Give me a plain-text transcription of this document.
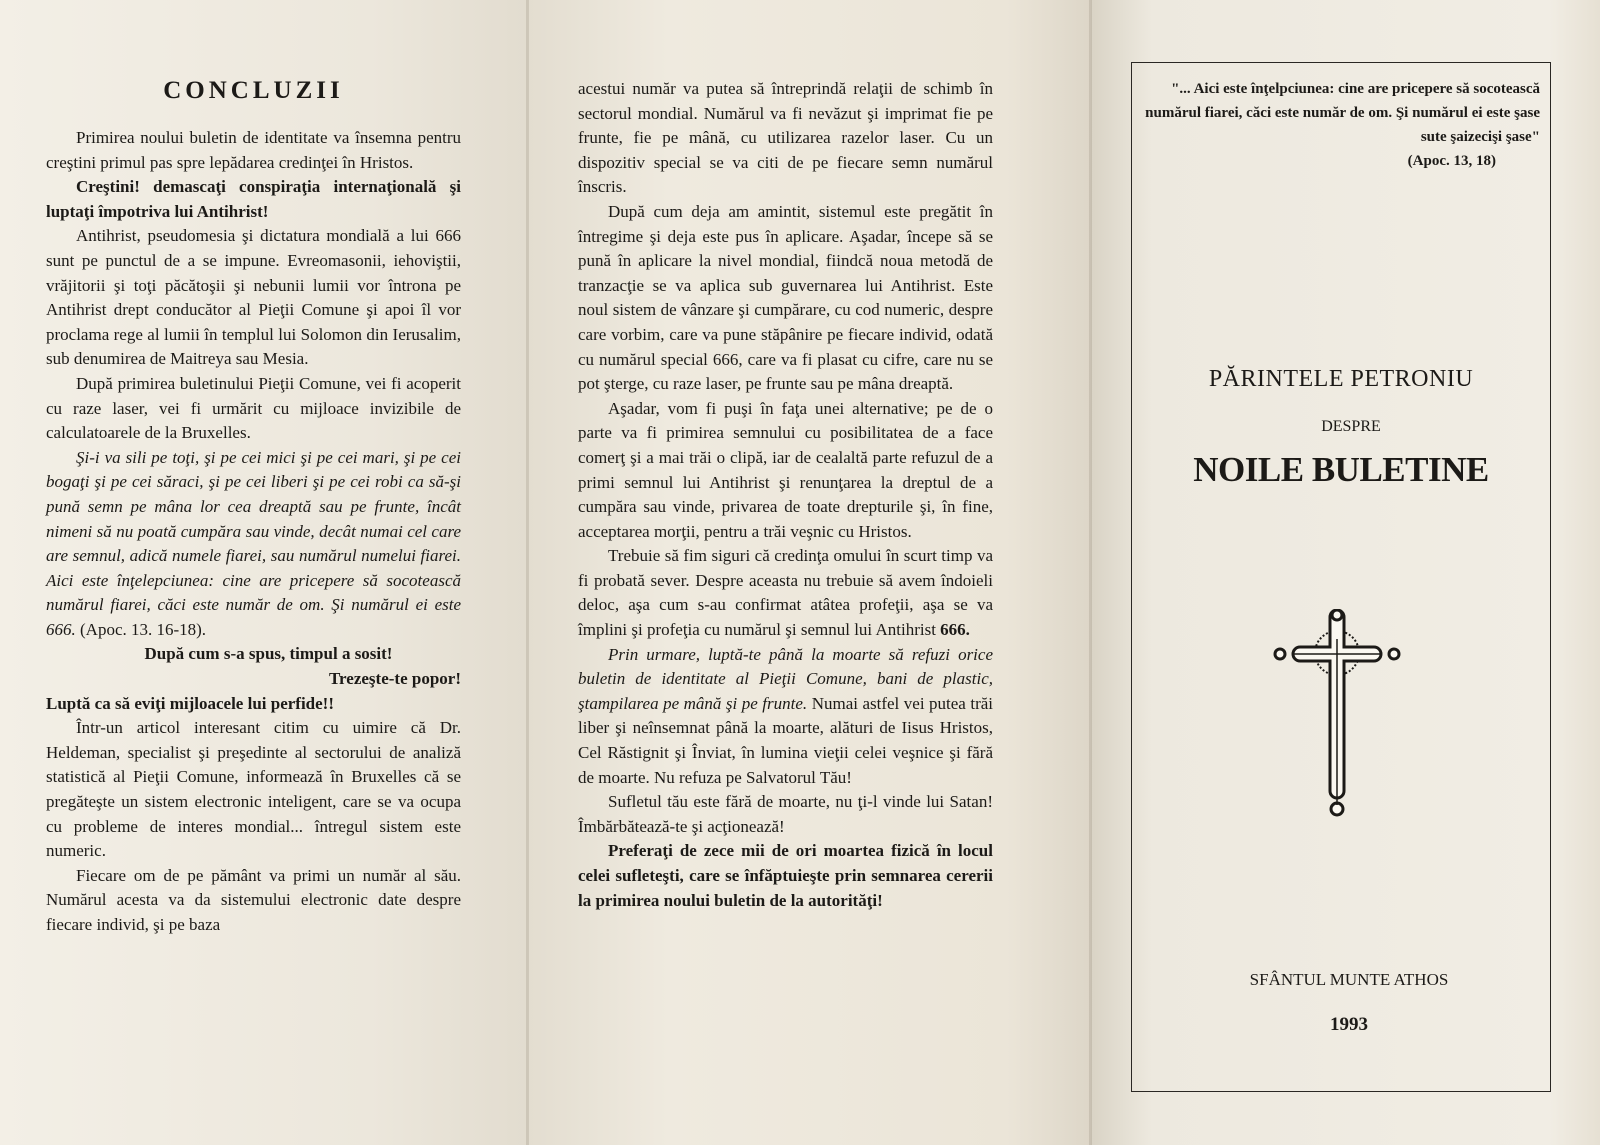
CONCLUZII

Primirea noului buletin de identitate va însemna pentru creştini primul pas spre lepădarea credinţei în Hristos.

Creştini! demascaţi conspiraţia internaţională şi luptaţi împotriva lui Antihrist!

Antihrist, pseudomesia şi dictatura mondială a lui 666 sunt pe punctul de a se impune. Evreomasonii, iehoviştii, vrăjitorii şi toţi păcătoşii şi nebunii lumii vor întrona pe Antihrist drept conducător al Pieţii Comune şi apoi îl vor proclama rege al lumii în templul lui Solomon din Ierusalim, sub denumirea de Maitreya sau Mesia.

După primirea buletinului Pieţii Comune, vei fi acoperit cu raze laser, vei fi urmărit cu mijloace invizibile de calculatoarele de la Bruxelles.

Şi-i va sili pe toţi, şi pe cei mici şi pe cei mari, şi pe cei bogaţi şi pe cei săraci, şi pe cei liberi şi pe cei robi ca să-şi pună semn pe mâna lor cea dreaptă sau pe frunte, încât nimeni să nu poată cumpăra sau vinde, decât numai cel care are semnul, adică numele fiarei, sau numărul numelui fiarei. Aici este înţelepciunea: cine are pricepere să socotească numărul fiarei, căci este număr de om. Şi numărul ei este 666. (Apoc. 13. 16-18).

După cum s-a spus, timpul a sosit!

Trezeşte-te popor!

Luptă ca să eviţi mijloacele lui perfide!!

Într-un articol interesant citim cu uimire că Dr. Heldeman, specialist şi preşedinte al sectorului de analiză statistică al Pieţii Comune, informează în Bruxelles că se pregăteşte un sistem electronic inteligent, care se va ocupa cu probleme de interes mondial... întregul sistem este numeric.

Fiecare om de pe pământ va primi un număr al său. Numărul acesta va da sistemului electronic date despre fiecare individ, şi pe baza

acestui număr va putea să întreprindă relaţii de schimb în sectorul mondial. Numărul va fi nevăzut şi imprimat fie pe frunte, fie pe mână, cu utilizarea razelor laser. Cu un dispozitiv special se va citi de pe fiecare semn numărul înscris.

După cum deja am amintit, sistemul este pregătit în întregime şi deja este pus în aplicare. Aşadar, începe să se pună în aplicare la nivel mondial, fiindcă noua metodă de tranzacţie se va aplica sub guvernarea lui Antihrist. Este noul sistem de vânzare şi cumpărare, cu cod numeric, despre care vorbim, care va pune stăpânire pe fiecare individ, odată cu numărul special 666, care va fi plasat cu cifre, care nu se pot şterge, cu raze laser, pe frunte sau pe mâna dreaptă.

Aşadar, vom fi puşi în faţa unei alternative; pe de o parte va fi primirea semnului cu posibilitatea de a face comerţ şi a mai trăi o clipă, iar de cealaltă parte refuzul de a primi semnul lui Antihrist şi renunţarea la dreptul de a cumpăra sau vinde, privarea de toate drepturile şi, în fine, acceptarea morţii, pentru a trăi veşnic cu Hristos.

Trebuie să fim siguri că credinţa omului în scurt timp va fi probată sever. Despre aceasta nu trebuie să avem îndoieli deloc, aşa cum s-au confirmat atâtea profeţii, aşa se va împlini şi profeţia cu numărul şi semnul lui Antihrist 666.

Prin urmare, luptă-te până la moarte să refuzi orice buletin de identitate al Pieţii Comune, bani de plastic, ştampilarea pe mână şi pe frunte. Numai astfel vei putea trăi liber şi neînsemnat până la moarte, alături de Iisus Hristos, Cel Răstignit şi Înviat, în lumina vieţii celei veşnice şi fără de moarte. Nu refuza pe Salvatorul Tău!

Sufletul tău este fără de moarte, nu ţi-l vinde lui Satan! Îmbărbătează-te şi acţionează!

Preferaţi de zece mii de ori moartea fizică în locul celei sufleteşti, care se înfăptuieşte prin semnarea cererii la primirea noului buletin de la autorităţi!

"... Aici este înţelpciunea: cine are pricepere să socotească numărul fiarei, căci este număr de om. Şi numărul ei este şase sute şaizecişi şase"
(Apoc. 13, 18)
PĂRINTELE PETRONIU
DESPRE
NOILE BULETINE
SFÂNTUL MUNTE ATHOS
1993
